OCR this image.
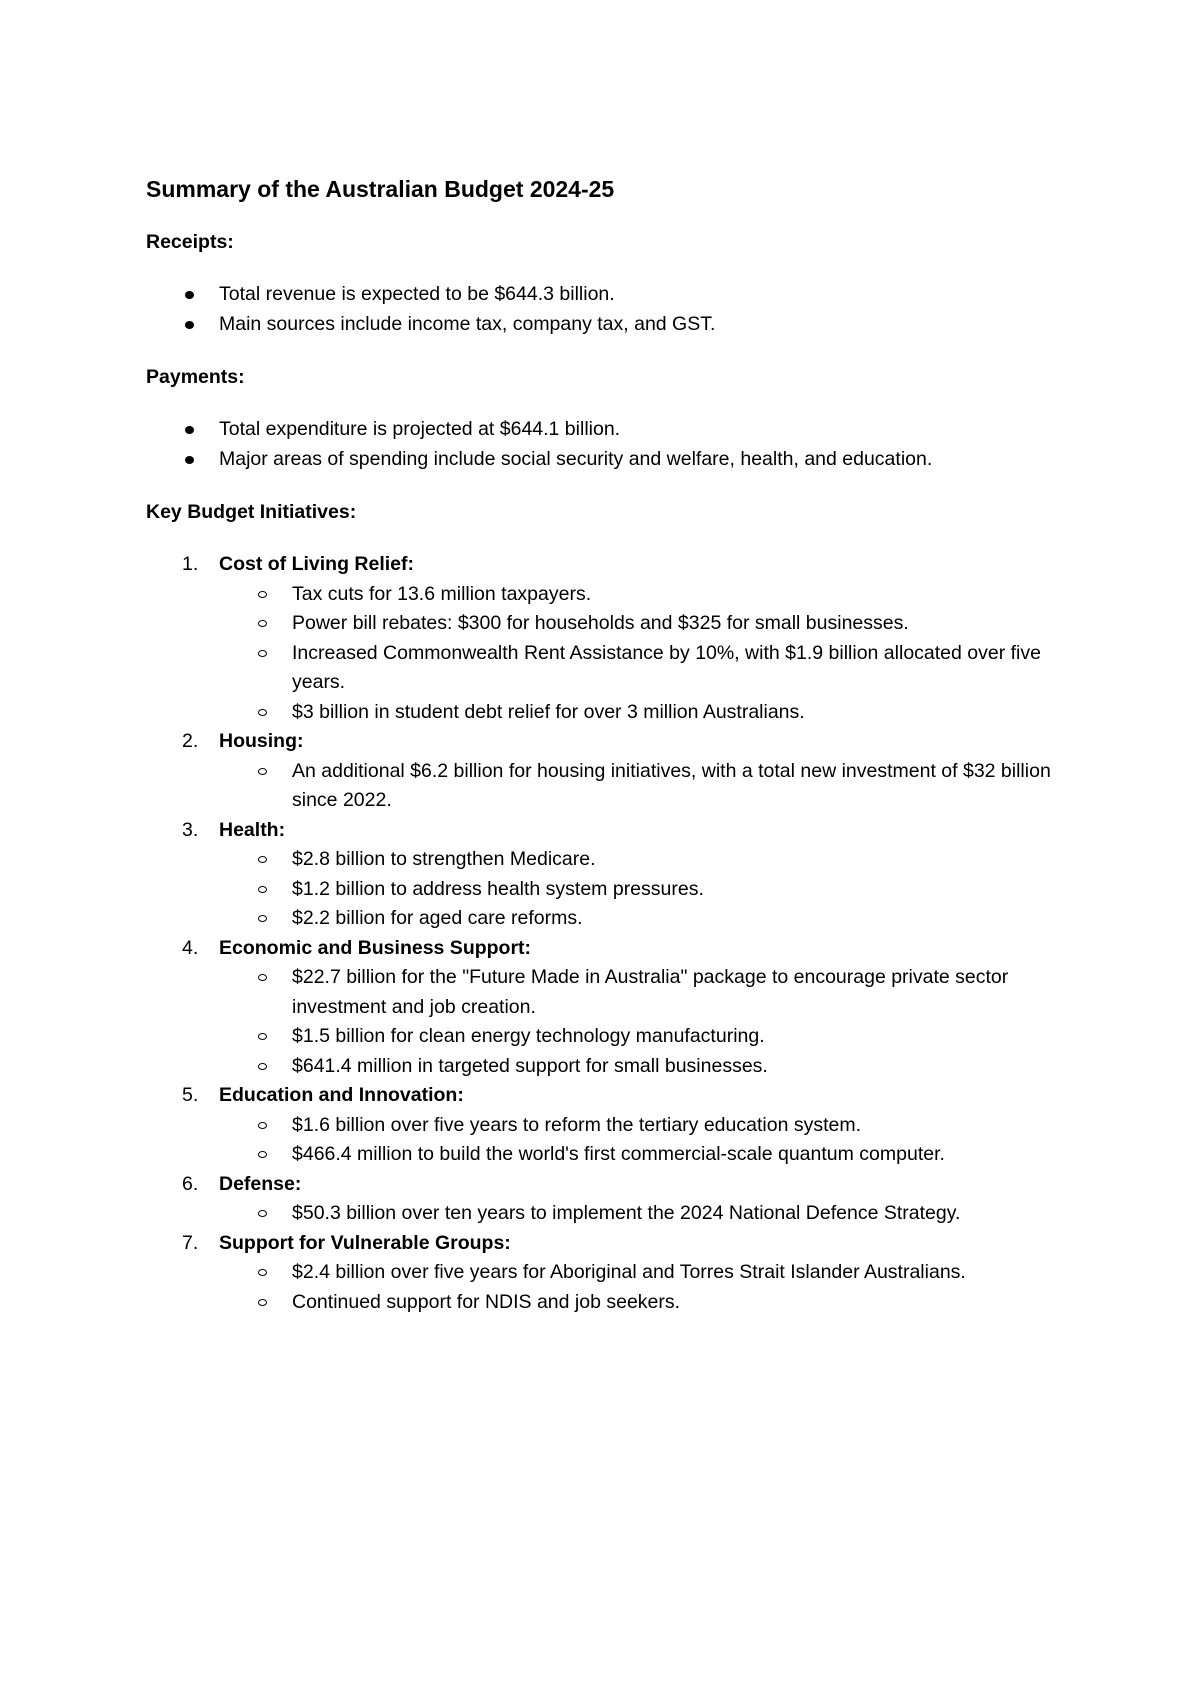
Summary of the Australian Budget 2024-25
Receipts:
Total revenue is expected to be $644.3 billion.
Main sources include income tax, company tax, and GST.
Payments:
Total expenditure is projected at $644.1 billion.
Major areas of spending include social security and welfare, health, and education.
Key Budget Initiatives:
1. Cost of Living Relief:
Tax cuts for 13.6 million taxpayers.
Power bill rebates: $300 for households and $325 for small businesses.
Increased Commonwealth Rent Assistance by 10%, with $1.9 billion allocated over five years.
$3 billion in student debt relief for over 3 million Australians.
2. Housing:
An additional $6.2 billion for housing initiatives, with a total new investment of $32 billion since 2022.
3. Health:
$2.8 billion to strengthen Medicare.
$1.2 billion to address health system pressures.
$2.2 billion for aged care reforms.
4. Economic and Business Support:
$22.7 billion for the "Future Made in Australia" package to encourage private sector investment and job creation.
$1.5 billion for clean energy technology manufacturing.
$641.4 million in targeted support for small businesses.
5. Education and Innovation:
$1.6 billion over five years to reform the tertiary education system.
$466.4 million to build the world's first commercial-scale quantum computer.
6. Defense:
$50.3 billion over ten years to implement the 2024 National Defence Strategy.
7. Support for Vulnerable Groups:
$2.4 billion over five years for Aboriginal and Torres Strait Islander Australians.
Continued support for NDIS and job seekers.
